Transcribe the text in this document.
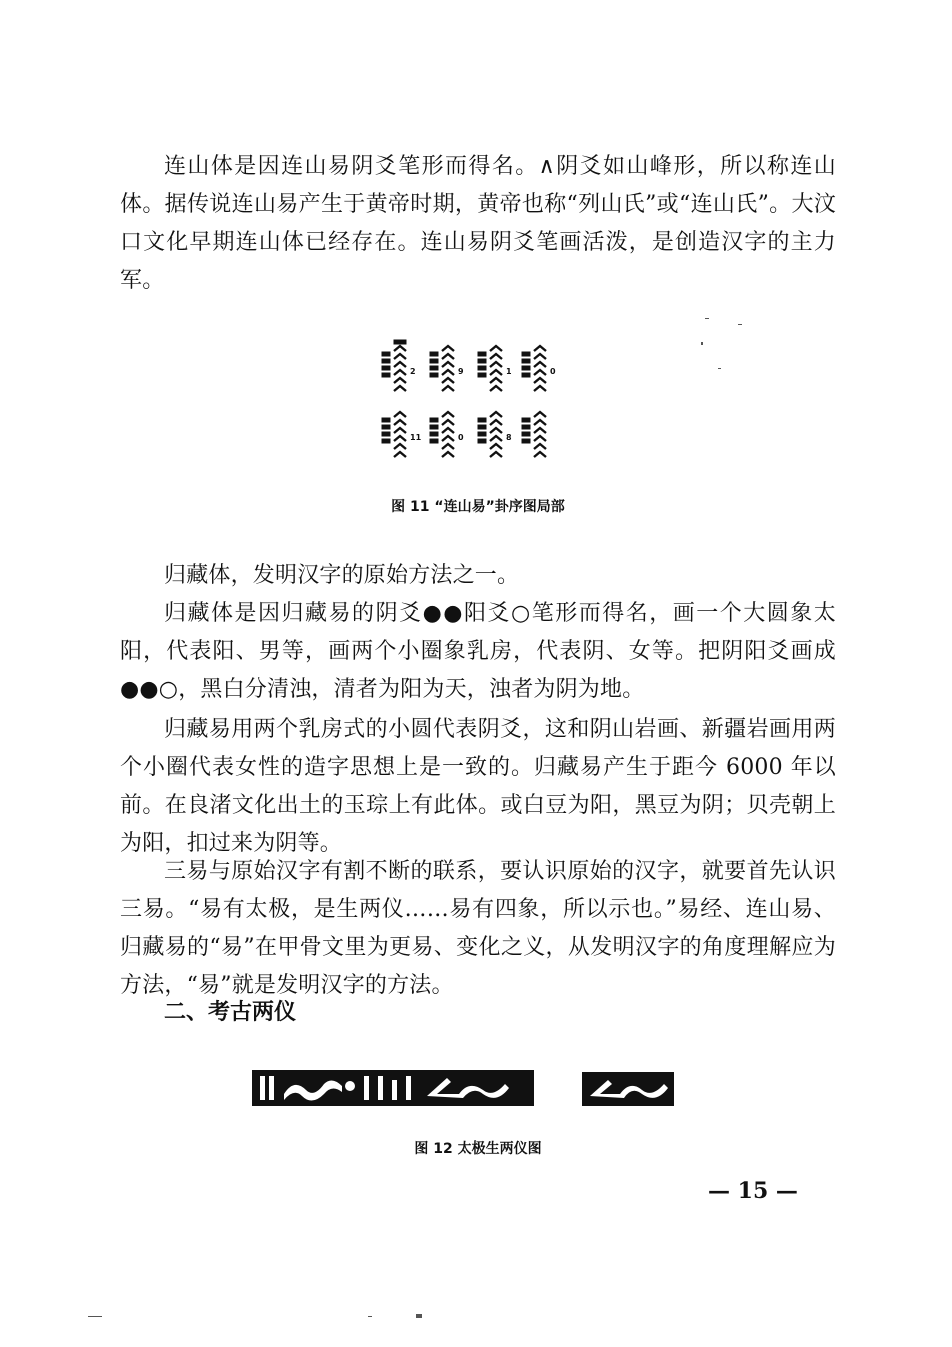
连山体是因连山易阴爻笔形而得名。∧阴爻如山峰形，所以称连山体。据传说连山易产生于黄帝时期，黄帝也称“列山氏”或“连山氏”。大汶口文化早期连山体已经存在。连山易阴爻笔画活泼，是创造汉字的主力军。
2	9	1	0
11	0	8
图 11 “连山易”卦序图局部
归藏体，发明汉字的原始方法之一。
归藏体是因归藏易的阴爻●●阳爻○笔形而得名，画一个大圆象太阳，代表阳、男等，画两个小圈象乳房，代表阴、女等。把阴阳爻画成●●○，黑白分清浊，清者为阳为天，浊者为阴为地。
归藏易用两个乳房式的小圆代表阴爻，这和阴山岩画、新疆岩画用两个小圈代表女性的造字思想上是一致的。归藏易产生于距今 6000 年以前。在良渚文化出土的玉琮上有此体。或白豆为阳，黑豆为阴；贝壳朝上为阳，扣过来为阴等。
三易与原始汉字有割不断的联系，要认识原始的汉字，就要首先认识三易。“易有太极，是生两仪……易有四象，所以示也。”易经、连山易、归藏易的“易”在甲骨文里为更易、变化之义，从发明汉字的角度理解应为方法，“易”就是发明汉字的方法。
二、考古两仪
图 12 太极生两仪图
— 15 —
